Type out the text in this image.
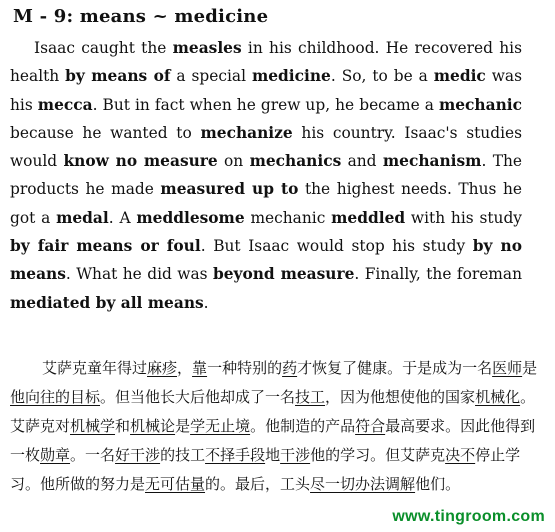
M - 9: means ~ medicine
Isaac caught the measles in his childhood. He recovered his health by means of a special medicine. So, to be a medic was his mecca. But in fact when he grew up, he became a mechanic because he wanted to mechanize his country. Isaac's studies would know no measure on mechanics and mechanism. The products he made measured up to the highest needs. Thus he got a medal. A meddlesome mechanic meddled with his study by fair means or foul. But Isaac would stop his study by no means. What he did was beyond measure. Finally, the foreman mediated by all means.
艾萨克童年得过麻疹，靠一种特别的药才恢复了健康。于是成为一名医师是他向往的目标。但当他长大后他却成了一名技工，因为他想使他的国家机械化。艾萨克对机械学和机械论是学无止境。他制造的产品符合最高要求。因此他得到一枚勋章。一名好干涉的技工不择手段地干涉他的学习。但艾萨克决不停止学习。他所做的努力是无可估量的。最后，工头尽一切办法调解他们。
www.tingroom.com
